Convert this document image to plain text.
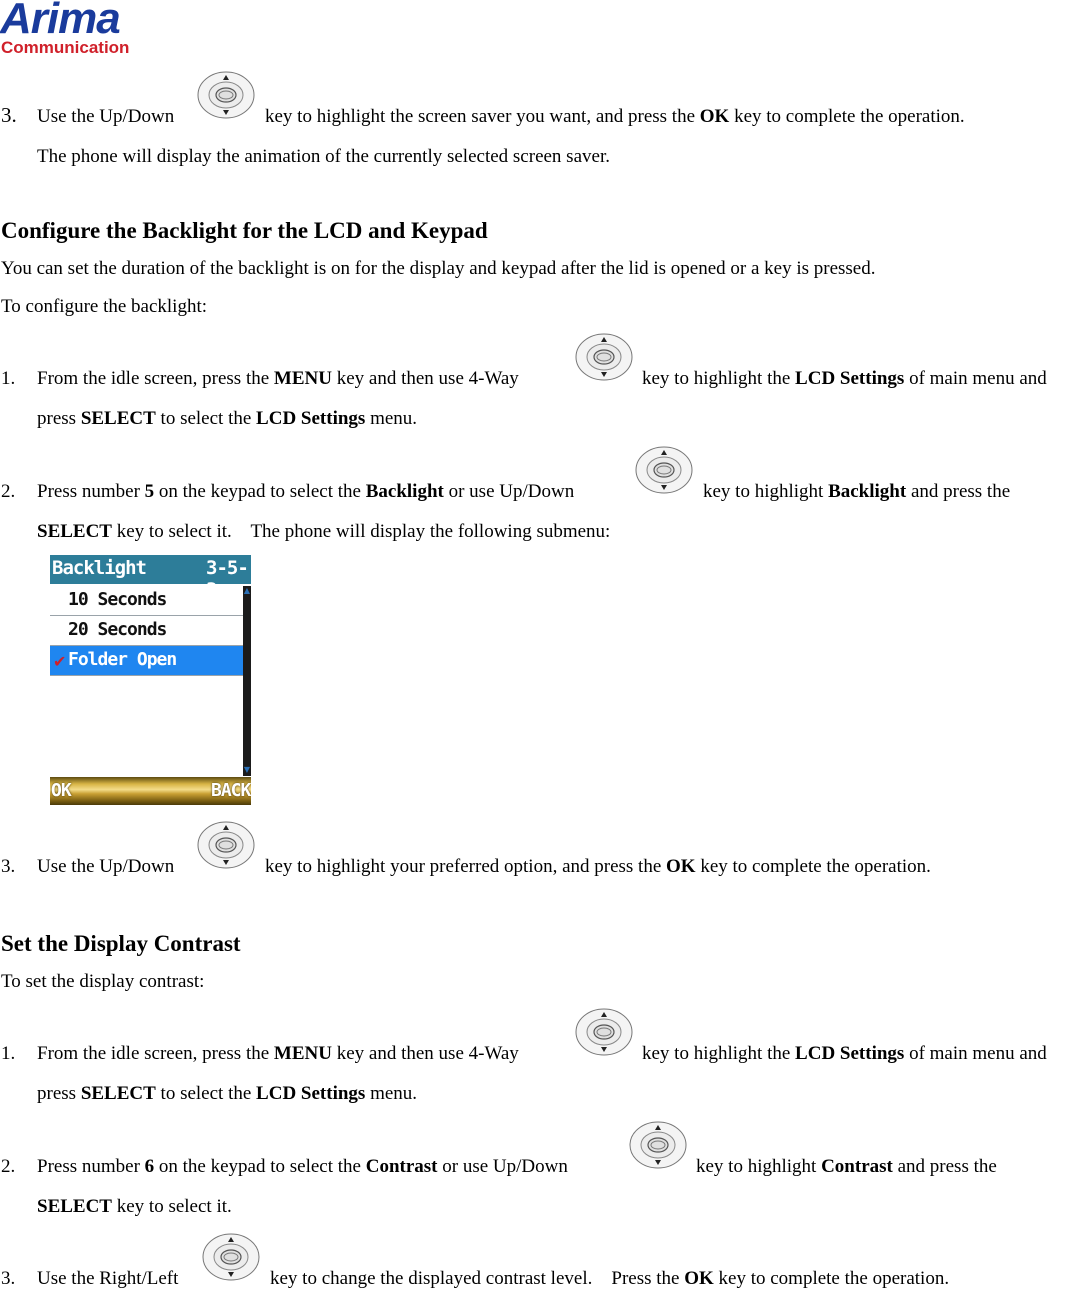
Arima
Communication
3. Use the Up/Down	key to highlight the screen saver you want, and press the OK key to complete the operation.
The phone will display the animation of the currently selected screen saver.
Configure the Backlight for the LCD and Keypad
You can set the duration of the backlight is on for the display and keypad after the lid is opened or a key is pressed.
To configure the backlight:
1. From the idle screen, press the MENU key and then use 4-Way	key to highlight the LCD Settings of main menu and
press SELECT to select the LCD Settings menu.
2. Press number 5 on the keypad to select the Backlight or use Up/Down	key to highlight Backlight and press the
SELECT key to select it. The phone will display the following submenu:
Backlight	3-5-3
10 Seconds
20 Seconds
✔ Folder Open
▲
▼
OK	BACK
3. Use the Up/Down	key to highlight your preferred option, and press the OK key to complete the operation.
Set the Display Contrast
To set the display contrast:
1. From the idle screen, press the MENU key and then use 4-Way	key to highlight the LCD Settings of main menu and
press SELECT to select the LCD Settings menu.
2. Press number 6 on the keypad to select the Contrast or use Up/Down	key to highlight Contrast and press the
SELECT key to select it.
3. Use the Right/Left	key to change the displayed contrast level. Press the OK key to complete the operation.
